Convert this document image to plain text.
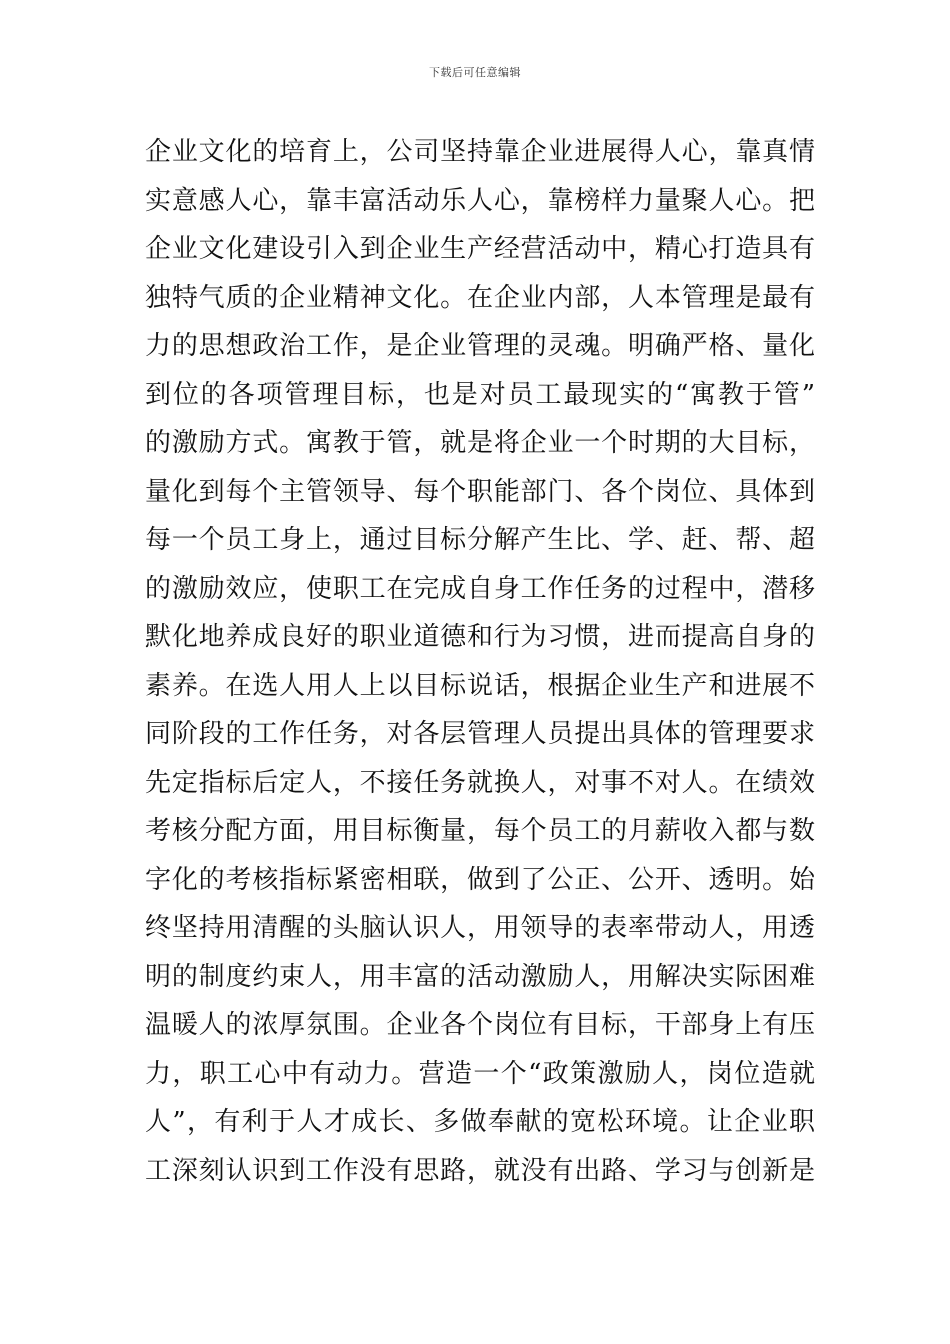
下载后可任意编辑
企业文化的培育上，公司坚持靠企业进展得人心，靠真情
实意感人心，靠丰富活动乐人心，靠榜样力量聚人心。把
企业文化建设引入到企业生产经营活动中，精心打造具有
独特气质的企业精神文化。在企业内部，人本管理是最有
力的思想政治工作，是企业管理的灵魂。明确严格、量化
到位的各项管理目标，也是对员工最现实的“寓教于管”
的激励方式。寓教于管，就是将企业一个时期的大目标，
量化到每个主管领导、每个职能部门、各个岗位、具体到
每一个员工身上，通过目标分解产生比、学、赶、帮、超
的激励效应，使职工在完成自身工作任务的过程中，潜移
默化地养成良好的职业道德和行为习惯，进而提高自身的
素养。在选人用人上以目标说话，根据企业生产和进展不
同阶段的工作任务，对各层管理人员提出具体的管理要求
先定指标后定人，不接任务就换人，对事不对人。在绩效
考核分配方面，用目标衡量，每个员工的月薪收入都与数
字化的考核指标紧密相联，做到了公正、公开、透明。始
终坚持用清醒的头脑认识人，用领导的表率带动人，用透
明的制度约束人，用丰富的活动激励人，用解决实际困难
温暖人的浓厚氛围。企业各个岗位有目标，干部身上有压
力，职工心中有动力。营造一个“政策激励人，岗位造就
人”，有利于人才成长、多做奉献的宽松环境。让企业职
工深刻认识到工作没有思路，就没有出路、学习与创新是
